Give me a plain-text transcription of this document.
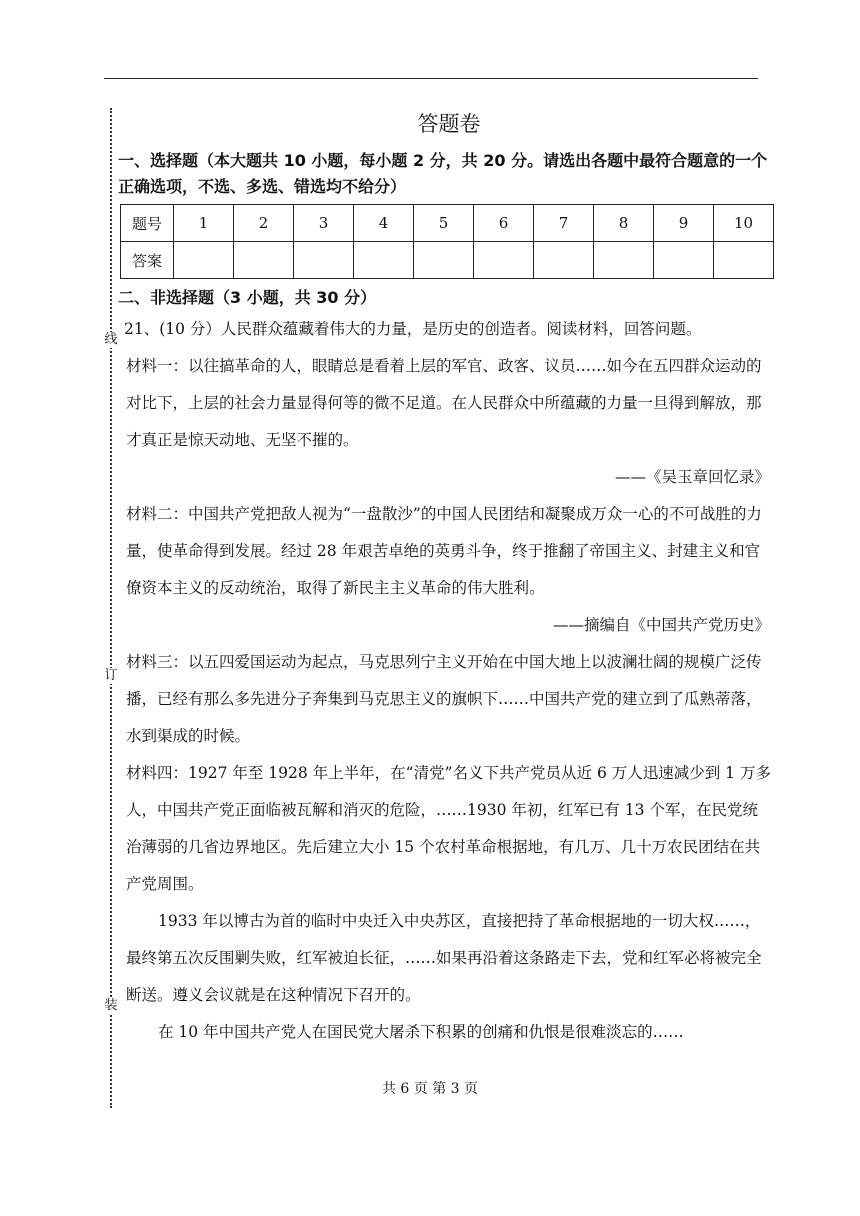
线
订
装
答题卷

一、选择题（本大题共 10 小题，每小题 2 分，共 20 分。请选出各题中最符合题意的一个正确选项，不选、多选、错选均不给分）

题号	1	2	3	4	5	6	7	8	9	10
答案										

二、非选择题（3 小题，共 30 分）

21、(10 分）人民群众蕴藏着伟大的力量，是历史的创造者。阅读材料，回答问题。

材料一：以往搞革命的人，眼睛总是看着上层的军官、政客、议员……如今在五四群众运动的对比下，上层的社会力量显得何等的微不足道。在人民群众中所蕴藏的力量一旦得到解放，那才真正是惊天动地、无坚不摧的。

——《吴玉章回忆录》

材料二：中国共产党把敌人视为“一盘散沙”的中国人民团结和凝聚成万众一心的不可战胜的力量，使革命得到发展。经过 28 年艰苦卓绝的英勇斗争，终于推翻了帝国主义、封建主义和官僚资本主义的反动统治，取得了新民主主义革命的伟大胜利。

——摘编自《中国共产党历史》

材料三：以五四爱国运动为起点，马克思列宁主义开始在中国大地上以波澜壮阔的规模广泛传播，已经有那么多先进分子奔集到马克思主义的旗帜下……中国共产党的建立到了瓜熟蒂落，水到渠成的时候。

材料四：1927 年至 1928 年上半年，在“清党”名义下共产党员从近 6 万人迅速减少到 1 万多人，中国共产党正面临被瓦解和消灭的危险，……1930 年初，红军已有 13 个军，在民党统治薄弱的几省边界地区。先后建立大小 15 个农村革命根据地，有几万、几十万农民团结在共产党周围。

1933 年以博古为首的临时中央迁入中央苏区，直接把持了革命根据地的一切大权……，最终第五次反围剿失败，红军被迫长征，……如果再沿着这条路走下去，党和红军必将被完全断送。遵义会议就是在这种情况下召开的。

在 10 年中国共产党人在国民党大屠杀下积累的创痛和仇恨是很难淡忘的……

共 6 页 第 3 页
